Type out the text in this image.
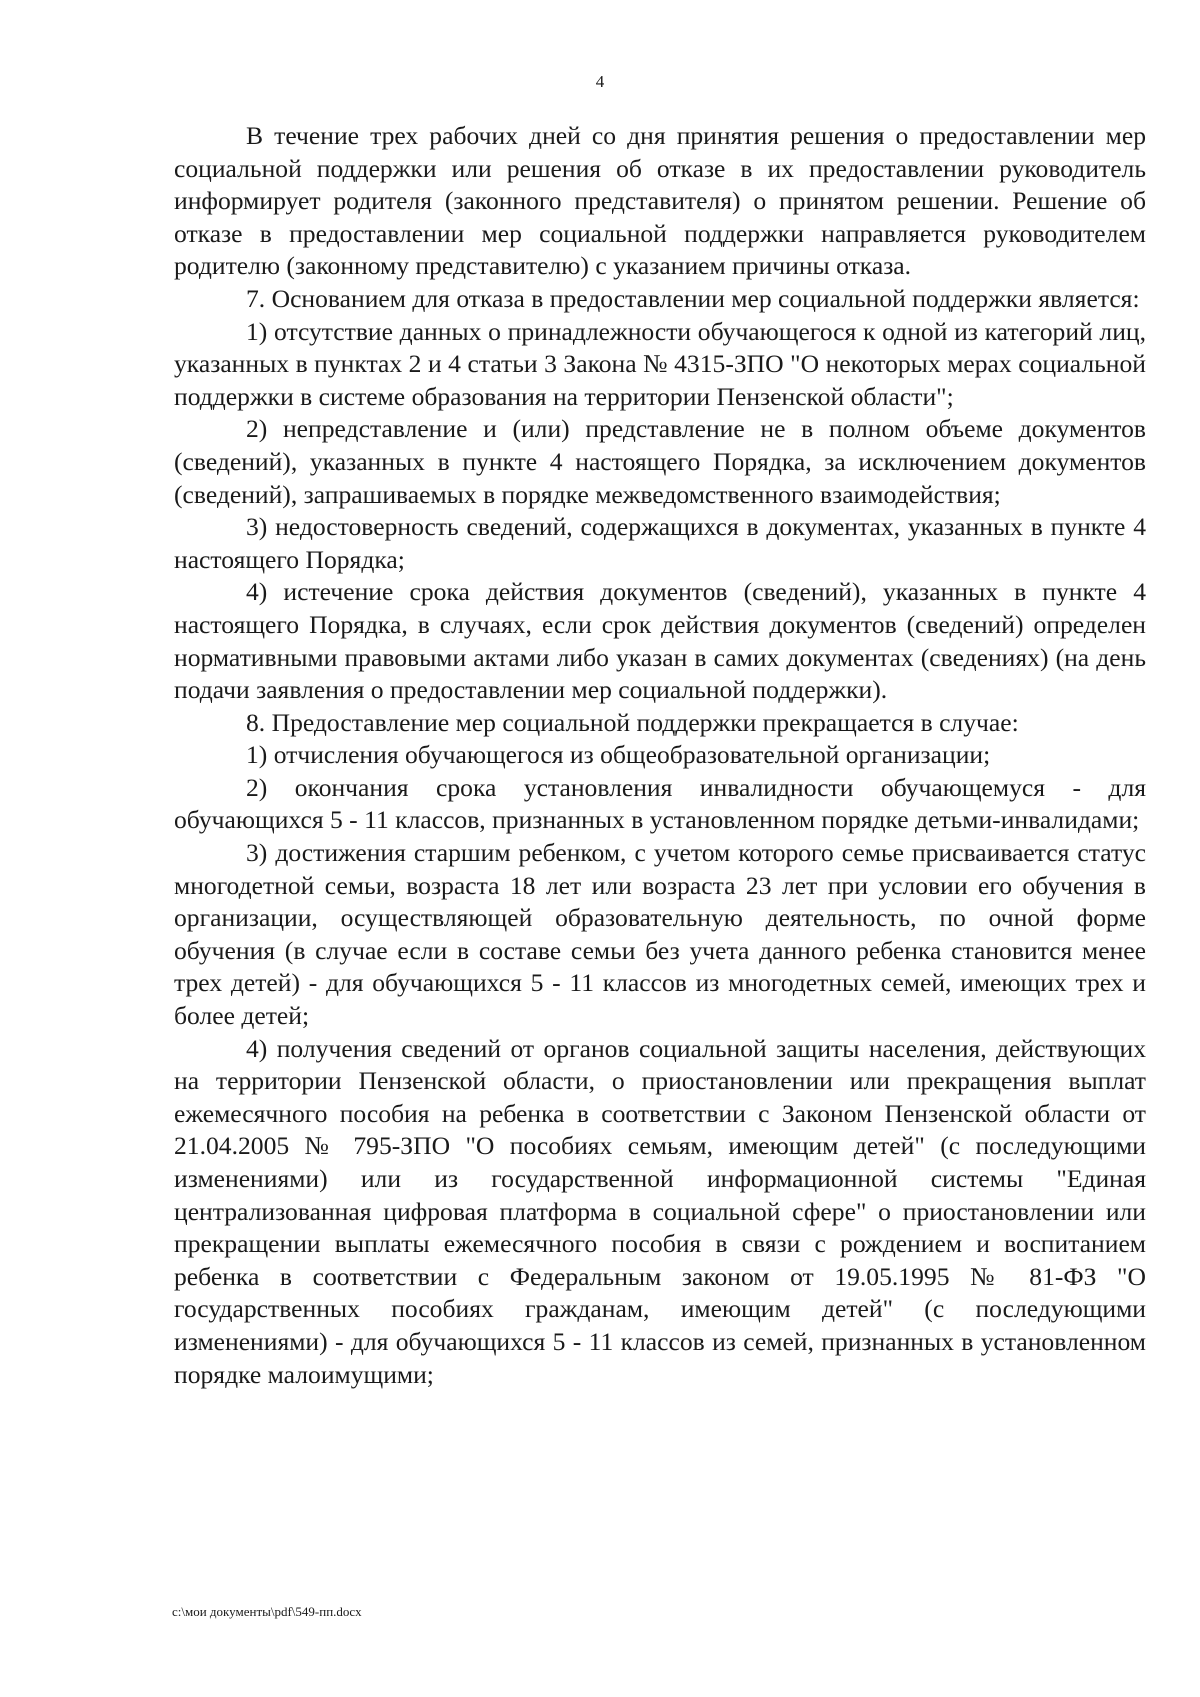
4

В течение трех рабочих дней со дня принятия решения о предоставлении мер социальной поддержки или решения об отказе в их предоставлении руководитель информирует родителя (законного представителя) о принятом решении. Решение об отказе в предоставлении мер социальной поддержки направляется руководителем родителю (законному представителю) с указанием причины отказа.

7. Основанием для отказа в предоставлении мер социальной поддержки является:

1) отсутствие данных о принадлежности обучающегося к одной из категорий лиц, указанных в пунктах 2 и 4 статьи 3 Закона № 4315-ЗПО "О некоторых мерах социальной поддержки в системе образования на территории Пензенской области";

2) непредставление и (или) представление не в полном объеме документов (сведений), указанных в пункте 4 настоящего Порядка, за исключением документов (сведений), запрашиваемых в порядке межведомственного взаимодействия;

3) недостоверность сведений, содержащихся в документах, указанных в пункте 4 настоящего Порядка;

4) истечение срока действия документов (сведений), указанных в пункте 4 настоящего Порядка, в случаях, если срок действия документов (сведений) определен нормативными правовыми актами либо указан в самих документах (сведениях) (на день подачи заявления о предоставлении мер социальной поддержки).

8. Предоставление мер социальной поддержки прекращается в случае:

1) отчисления обучающегося из общеобразовательной организации;

2) окончания срока установления инвалидности обучающемуся - для обучающихся 5 - 11 классов, признанных в установленном порядке детьми-инвалидами;

3) достижения старшим ребенком, с учетом которого семье присваивается статус многодетной семьи, возраста 18 лет или возраста 23 лет при условии его обучения в организации, осуществляющей образовательную деятельность, по очной форме обучения (в случае если в составе семьи без учета данного ребенка становится менее трех детей) - для обучающихся 5 - 11 классов из многодетных семей, имеющих трех и более детей;

4) получения сведений от органов социальной защиты населения, действующих на территории Пензенской области, о приостановлении или прекращения выплат ежемесячного пособия на ребенка в соответствии с Законом Пензенской области от 21.04.2005 № 795-ЗПО "О пособиях семьям, имеющим детей" (с последующими изменениями) или из государственной информационной системы "Единая централизованная цифровая платформа в социальной сфере" о приостановлении или прекращении выплаты ежемесячного пособия в связи с рождением и воспитанием ребенка в соответствии с Федеральным законом от 19.05.1995 № 81-ФЗ "О государственных пособиях гражданам, имеющим детей" (с последующими изменениями) - для обучающихся 5 - 11 классов из семей, признанных в установленном порядке малоимущими;

c:\мои документы\pdf\549-пп.docx
